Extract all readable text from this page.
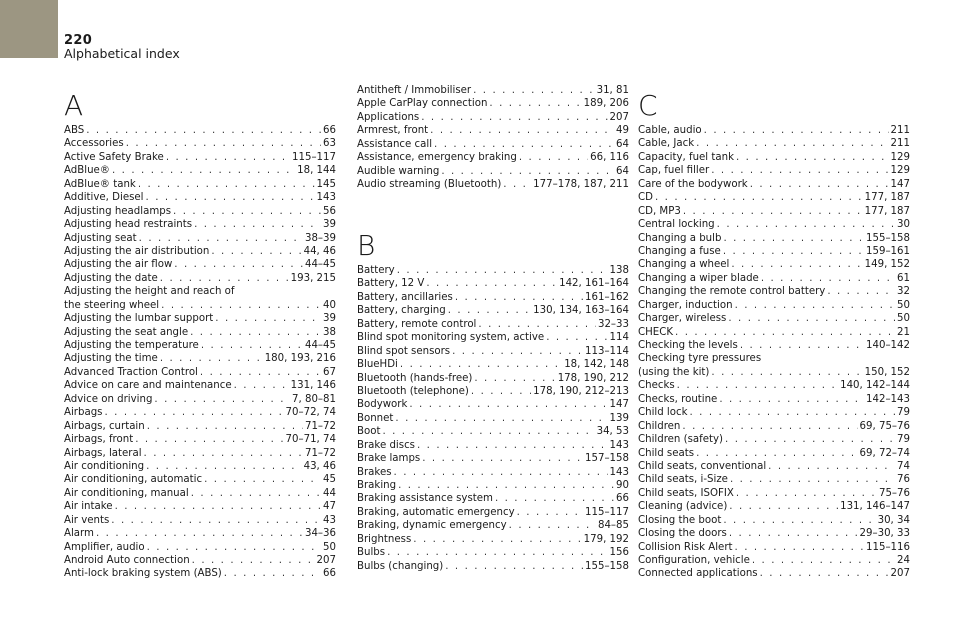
220
Alphabetical index
A
ABS . . .	66
Accessories . . .	63
Active Safety Brake . . .	115–117
AdBlue® . . .	18, 144
AdBlue® tank . . .	145
Additive, Diesel . . .	143
Adjusting headlamps . . .	56
Adjusting head restraints . . .	39
Adjusting seat . . .	38–39
Adjusting the air distribution . . .	44, 46
Adjusting the air flow . . .	44–45
Adjusting the date . . .	193, 215
Adjusting the height and reach of
the steering wheel . . .	40
Adjusting the lumbar support . . .	39
Adjusting the seat angle . . .	38
Adjusting the temperature . . .	44–45
Adjusting the time . . .	180, 193, 216
Advanced Traction Control . . .	67
Advice on care and maintenance . . .	131, 146
Advice on driving . . .	7, 80–81
Airbags . . .	70–72, 74
Airbags, curtain . . .	71–72
Airbags, front . . .	70–71, 74
Airbags, lateral . . .	71–72
Air conditioning . . .	43, 46
Air conditioning, automatic . . .	45
Air conditioning, manual . . .	44
Air intake . . .	47
Air vents . . .	43
Alarm . . .	34–36
Amplifier, audio . . .	50
Android Auto connection . . .	207
Anti-lock braking system (ABS) . . .	66
Antitheft / Immobiliser . . .	31, 81
Apple CarPlay connection . . .	189, 206
Applications . . .	207
Armrest, front . . .	49
Assistance call . . .	64
Assistance, emergency braking . . .	66, 116
Audible warning . . .	64
Audio streaming (Bluetooth) . . .	177–178, 187, 211
B
Battery . . .	138
Battery, 12 V . . .	142, 161–164
Battery, ancillaries . . .	161–162
Battery, charging . . .	130, 134, 163–164
Battery, remote control . . .	32–33
Blind spot monitoring system, active . . .	114
Blind spot sensors . . .	113–114
BlueHDi . . .	18, 142, 148
Bluetooth (hands-free) . . .	178, 190, 212
Bluetooth (telephone) . . .	178, 190, 212–213
Bodywork . . .	147
Bonnet . . .	139
Boot . . .	34, 53
Brake discs . . .	143
Brake lamps . . .	157–158
Brakes . . .	143
Braking . . .	90
Braking assistance system . . .	66
Braking, automatic emergency . . .	115–117
Braking, dynamic emergency . . .	84–85
Brightness . . .	179, 192
Bulbs . . .	156
Bulbs (changing) . . .	155–158
C
Cable, audio . . .	211
Cable, Jack . . .	211
Capacity, fuel tank . . .	129
Cap, fuel filler . . .	129
Care of the bodywork . . .	147
CD . . .	177, 187
CD, MP3 . . .	177, 187
Central locking . . .	30
Changing a bulb . . .	155–158
Changing a fuse . . .	159–161
Changing a wheel . . .	149, 152
Changing a wiper blade . . .	61
Changing the remote control battery . . .	32
Charger, induction . . .	50
Charger, wireless . . .	50
CHECK . . .	21
Checking the levels . . .	140–142
Checking tyre pressures
(using the kit) . . .	150, 152
Checks . . .	140, 142–144
Checks, routine . . .	142–143
Child lock . . .	79
Children . . .	69, 75–76
Children (safety) . . .	79
Child seats . . .	69, 72–74
Child seats, conventional . . .	74
Child seats, i-Size . . .	76
Child seats, ISOFIX . . .	75–76
Cleaning (advice) . . .	131, 146–147
Closing the boot . . .	30, 34
Closing the doors . . .	29–30, 33
Collision Risk Alert . . .	115–116
Configuration, vehicle . . .	24
Connected applications . . .	207
